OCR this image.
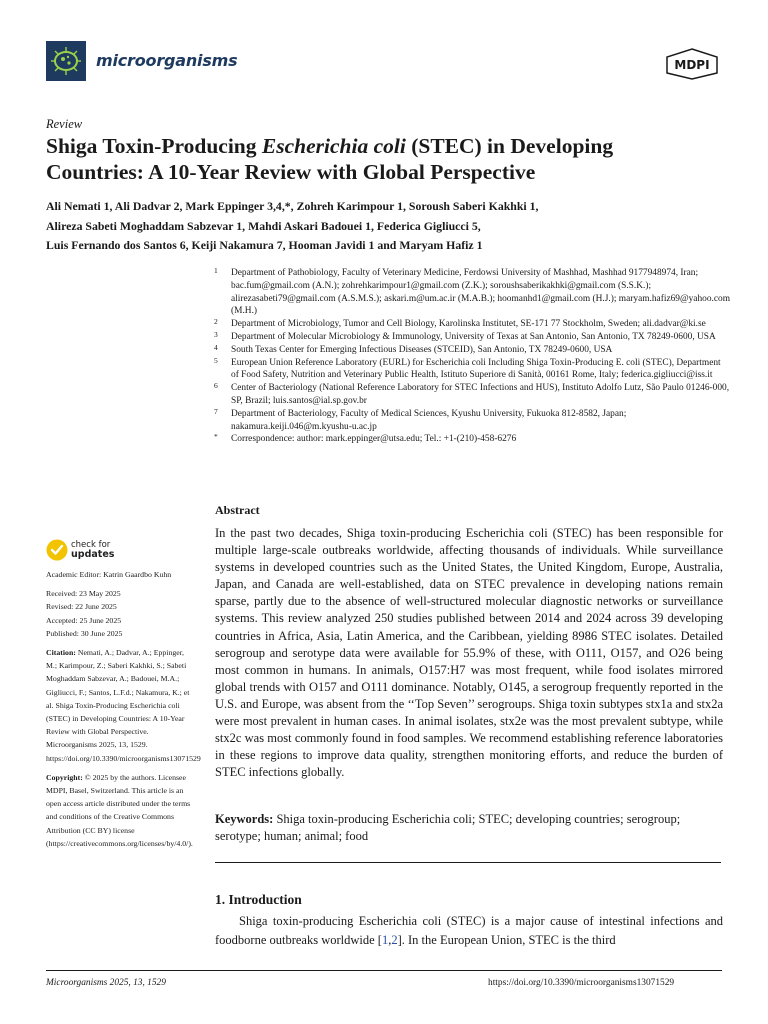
microorganisms	MDPI
Review
Shiga Toxin-Producing Escherichia coli (STEC) in Developing
Countries: A 10-Year Review with Global Perspective
Ali Nemati 1, Ali Dadvar 2, Mark Eppinger 3,4,*, Zohreh Karimpour 1, Soroush Saberi Kakhki 1,
Alireza Sabeti Moghaddam Sabzevar 1, Mahdi Askari Badouei 1, Federica Gigliucci 5,
Luis Fernando dos Santos 6, Keiji Nakamura 7, Hooman Javidi 1 and Maryam Hafiz 1
1 Department of Pathobiology, Faculty of Veterinary Medicine, Ferdowsi University of Mashhad, Mashhad 9177948974, Iran; bac.fum@gmail.com (A.N.); zohrehkarimpour1@gmail.com (Z.K.); soroushsaberikakhki@gmail.com (S.S.K.); alirezasabeti79@gmail.com (A.S.M.S.); askari.m@um.ac.ir (M.A.B.); hoomanhd1@gmail.com (H.J.); maryam.hafiz69@yahoo.com (M.H.)
2 Department of Microbiology, Tumor and Cell Biology, Karolinska Institutet, SE-171 77 Stockholm, Sweden; ali.dadvar@ki.se
3 Department of Molecular Microbiology & Immunology, University of Texas at San Antonio, San Antonio, TX 78249-0600, USA
4 South Texas Center for Emerging Infectious Diseases (STCEID), San Antonio, TX 78249-0600, USA
5 European Union Reference Laboratory (EURL) for Escherichia coli Including Shiga Toxin-Producing E. coli (STEC), Department of Food Safety, Nutrition and Veterinary Public Health, Istituto Superiore di Sanità, 00161 Rome, Italy; federica.gigliucci@iss.it
6 Center of Bacteriology (National Reference Laboratory for STEC Infections and HUS), Instituto Adolfo Lutz, São Paulo 01246-000, SP, Brazil; luis.santos@ial.sp.gov.br
7 Department of Bacteriology, Faculty of Medical Sciences, Kyushu University, Fukuoka 812-8582, Japan; nakamura.keiji.046@m.kyushu-u.ac.jp
* Correspondence: author: mark.eppinger@utsa.edu; Tel.: +1-(210)-458-6276
Abstract
In the past two decades, Shiga toxin-producing Escherichia coli (STEC) has been responsible for multiple large-scale outbreaks worldwide, affecting thousands of individuals. While surveillance systems in developed countries such as the United States, the United Kingdom, Europe, Australia, Japan, and Canada are well-established, data on STEC prevalence in developing nations remain sparse, partly due to the absence of well-structured molecular diagnostic networks or surveillance systems. This review analyzed 250 studies published between 2014 and 2024 across 39 developing countries in Africa, Asia, Latin America, and the Caribbean, yielding 8986 STEC isolates. Detailed serogroup and serotype data were available for 55.9% of these, with O111, O157, and O26 being most common in humans. In animals, O157:H7 was most frequent, while food isolates mirrored global trends with O157 and O111 dominance. Notably, O145, a serogroup frequently reported in the U.S. and Europe, was absent from the ‘‘Top Seven’’ serogroups. Shiga toxin subtypes stx1a and stx2a were most prevalent in human cases. In animal isolates, stx2e was the most prevalent subtype, while stx2c was most commonly found in food samples. We recommend establishing reference laboratories in these regions to improve data quality, strengthen monitoring efforts, and reduce the burden of STEC infections globally.
Keywords: Shiga toxin-producing Escherichia coli; STEC; developing countries; serogroup; serotype; human; animal; food
1. Introduction
Shiga toxin-producing Escherichia coli (STEC) is a major cause of intestinal infections and foodborne outbreaks worldwide [1,2]. In the European Union, STEC is the third
check for
updates
Academic Editor: Katrin Gaardbo Kuhn
Received: 23 May 2025
Revised: 22 June 2025
Accepted: 25 June 2025
Published: 30 June 2025
Citation: Nemati, A.; Dadvar, A.; Eppinger, M.; Karimpour, Z.; Saberi Kakhki, S.; Sabeti Moghaddam Sabzevar, A.; Badouei, M.A.; Gigliucci, F.; Santos, L.F.d.; Nakamura, K.; et al. Shiga Toxin-Producing Escherichia coli (STEC) in Developing Countries: A 10-Year Review with Global Perspective. Microorganisms 2025, 13, 1529. https://doi.org/10.3390/microorganisms13071529
Copyright: © 2025 by the authors. Licensee MDPI, Basel, Switzerland. This article is an open access article distributed under the terms and conditions of the Creative Commons Attribution (CC BY) license (https://creativecommons.org/licenses/by/4.0/).
Microorganisms 2025, 13, 1529	https://doi.org/10.3390/microorganisms13071529
